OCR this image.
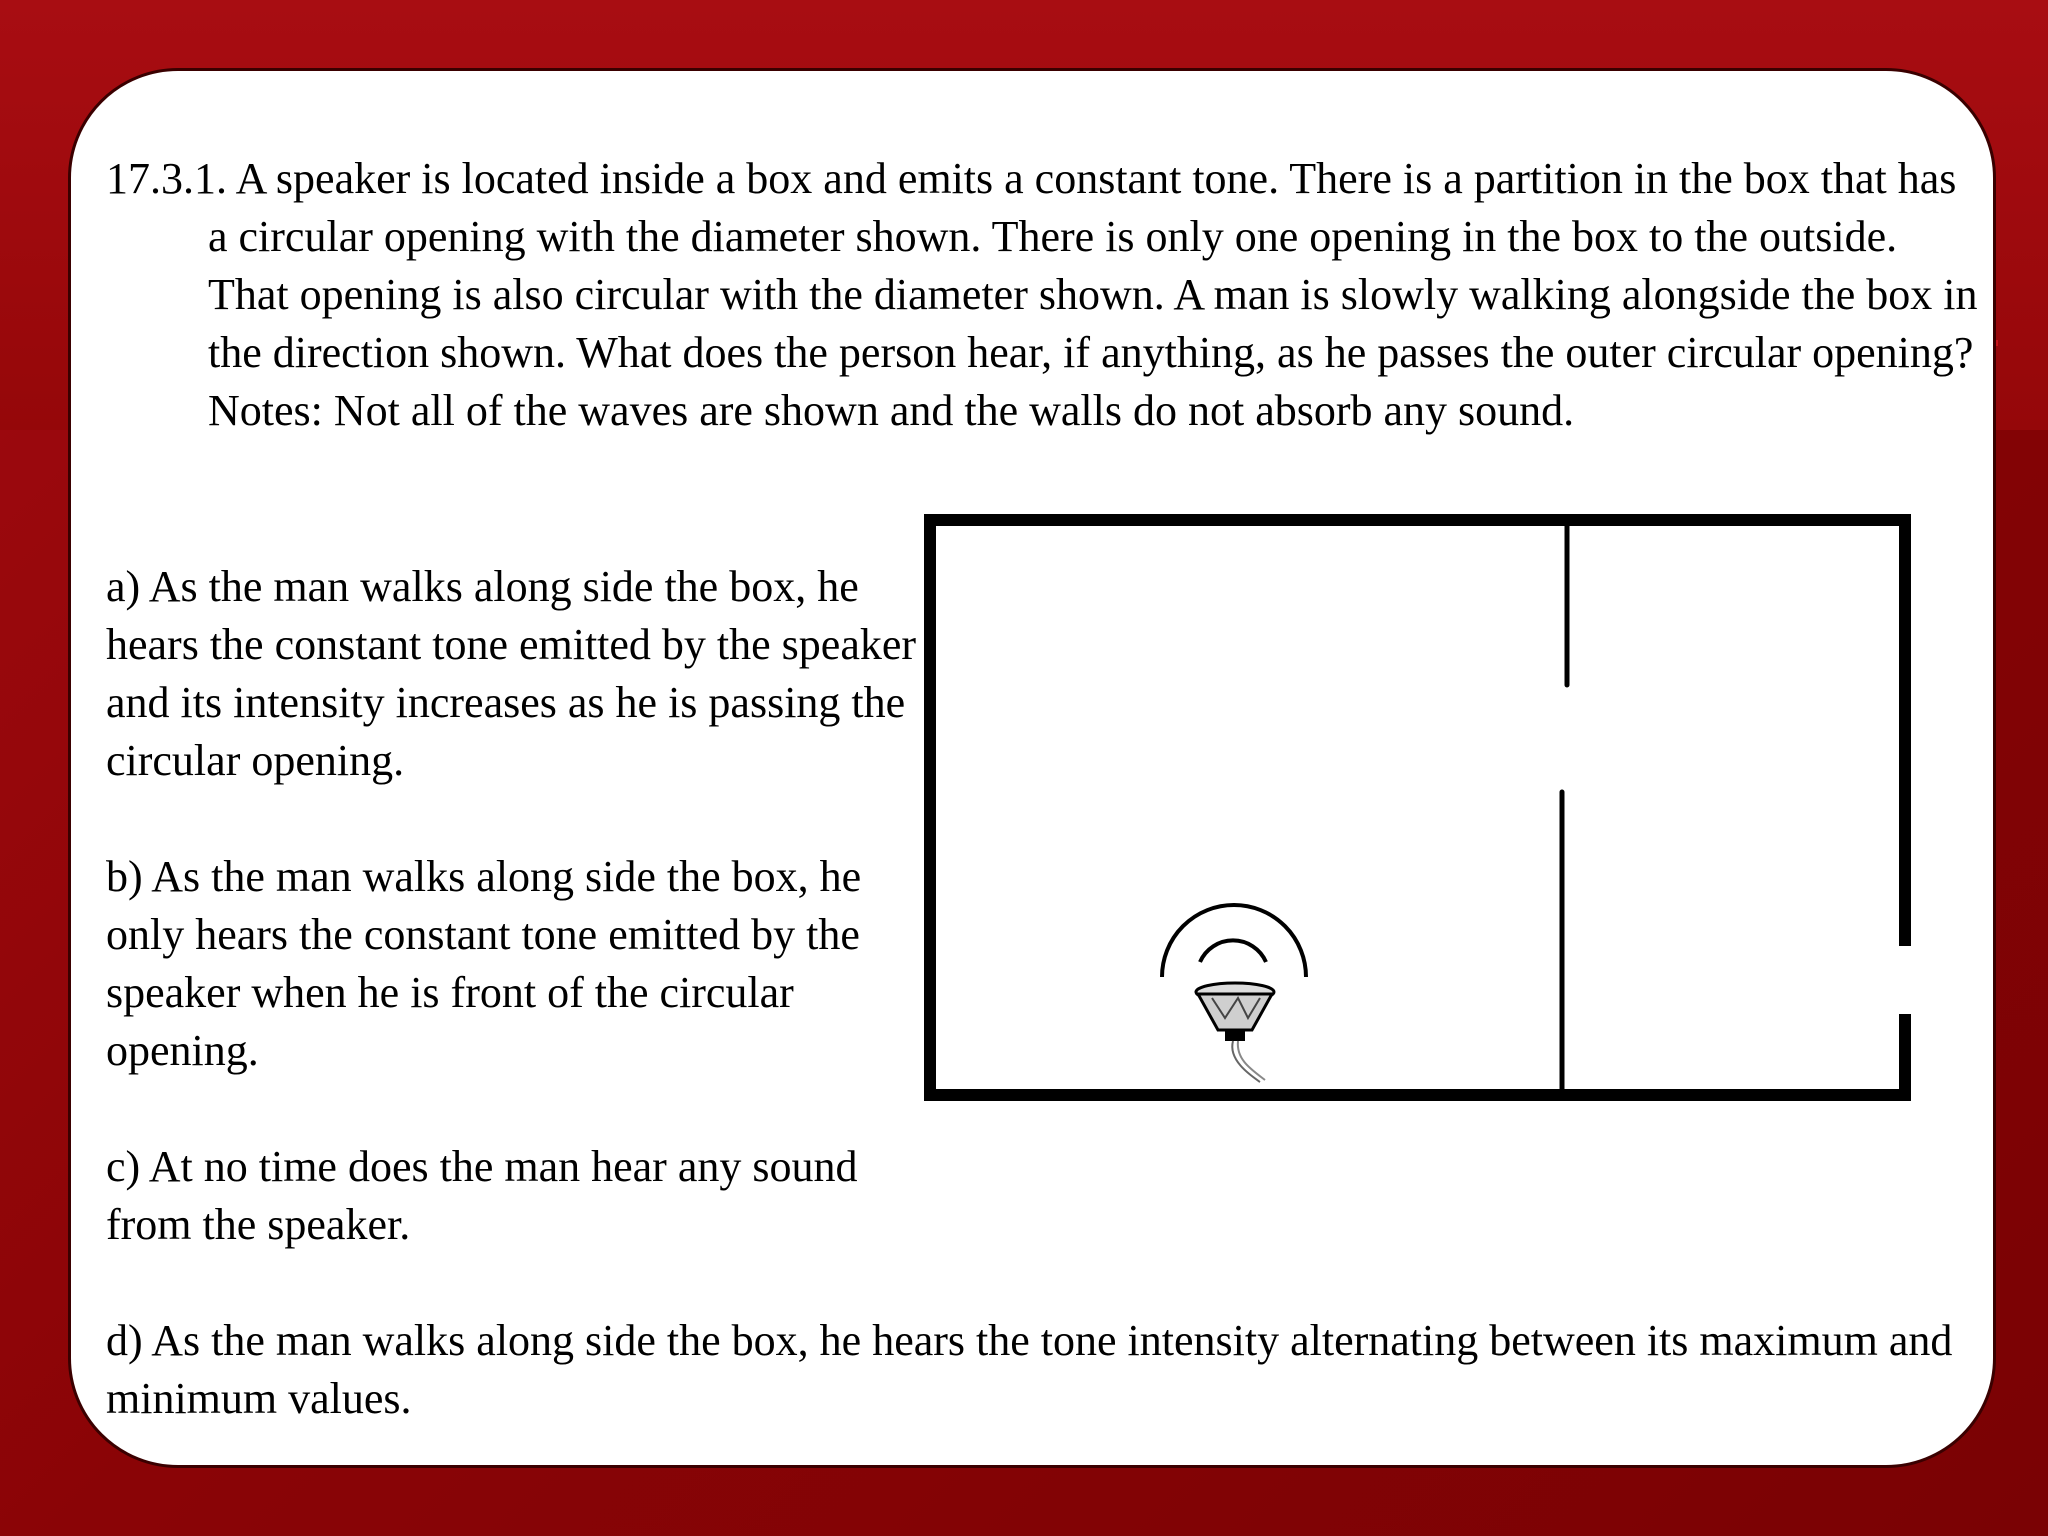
17.3.1. A speaker is located inside a box and emits a constant tone. There is a partition in the box that has a circular opening with the diameter shown. There is only one opening in the box to the outside. That opening is also circular with the diameter shown. A man is slowly walking alongside the box in the direction shown. What does the person hear, if anything, as he passes the outer circular opening? Notes: Not all of the waves are shown and the walls do not absorb any sound.

a) As the man walks along side the box, he hears the constant tone emitted by the speaker and its intensity increases as he is passing the circular opening.

b) As the man walks along side the box, he only hears the constant tone emitted by the speaker when he is front of the circular opening.

c) At no time does the man hear any sound from the speaker.

d) As the man walks along side the box, he hears the tone intensity alternating between its maximum and minimum values.
